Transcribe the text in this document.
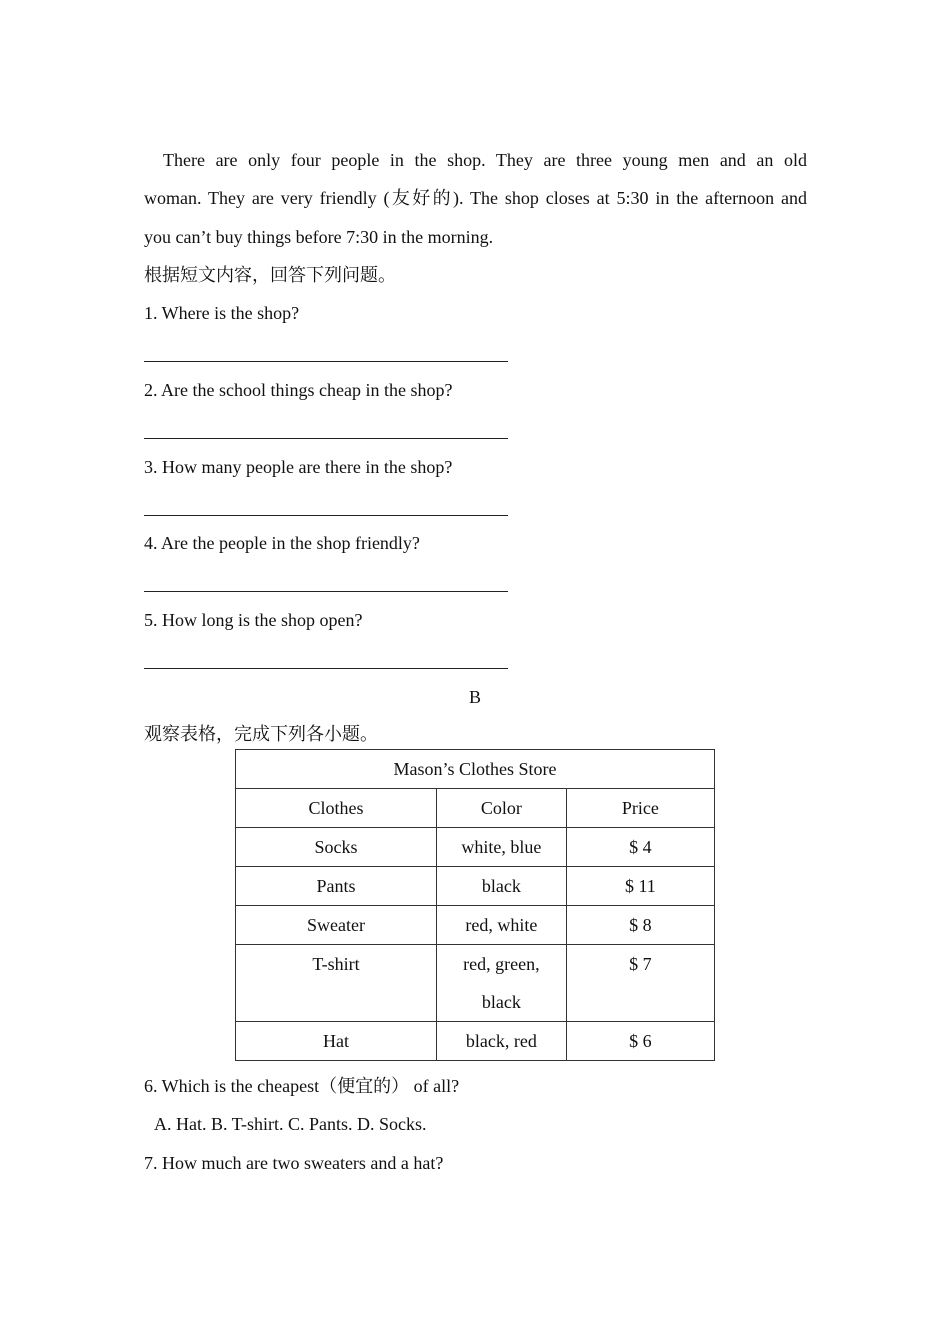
There are only four people in the shop. They are three young men and an old
woman. They are very friendly (友好的). The shop closes at 5:30 in the afternoon and
you can’t buy things before 7:30 in the morning.
根据短文内容，回答下列问题。
1. Where is the shop?
2. Are the school things cheap in the shop?
3. How many people are there in the shop?
4. Are the people in the shop friendly?
5. How long is the shop open?
B
观察表格，完成下列各小题。
Mason’s Clothes Store		
Clothes	Color	Price
Socks	white, blue	$ 4
Pants	black	$ 11
Sweater	red, white	$ 8
T-shirt	red, green, black	$ 7
Hat	black, red	$ 6
6. Which is the cheapest（便宜的） of all?
A. Hat. B. T-shirt. C. Pants. D. Socks.
7. How much are two sweaters and a hat?
